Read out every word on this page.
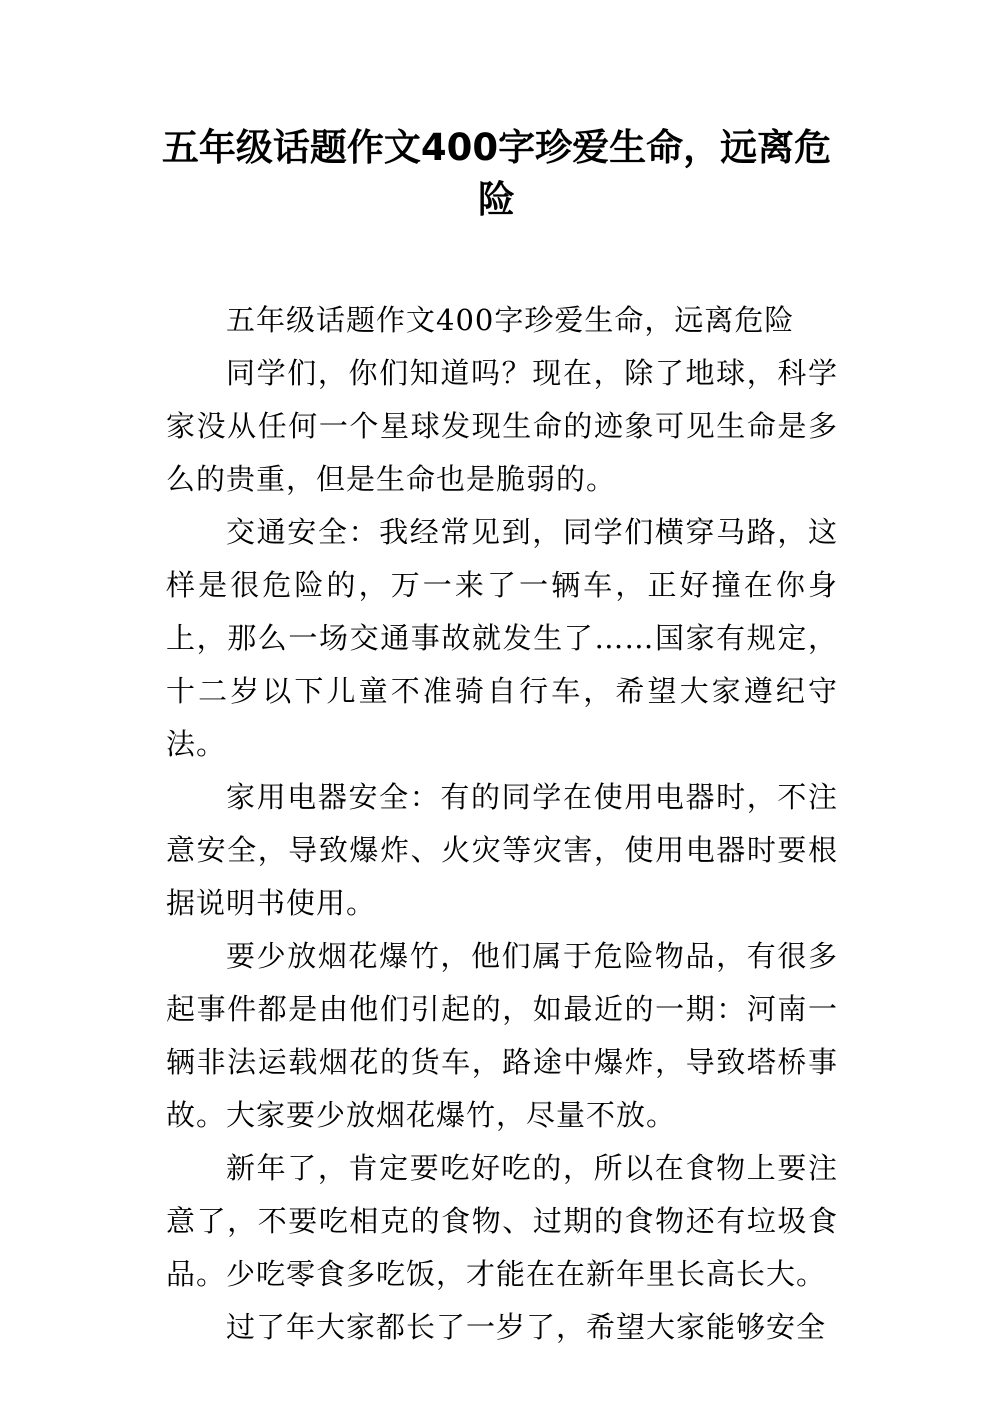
五年级话题作文400字珍爱生命，远离危险

五年级话题作文400字珍爱生命，远离危险

同学们，你们知道吗？现在，除了地球，科学家没从任何一个星球发现生命的迹象可见生命是多么的贵重，但是生命也是脆弱的。

交通安全：我经常见到，同学们横穿马路，这样是很危险的，万一来了一辆车，正好撞在你身上，那么一场交通事故就发生了……国家有规定，十二岁以下儿童不准骑自行车，希望大家遵纪守法。

家用电器安全：有的同学在使用电器时，不注意安全，导致爆炸、火灾等灾害，使用电器时要根据说明书使用。

要少放烟花爆竹，他们属于危险物品，有很多起事件都是由他们引起的，如最近的一期：河南一辆非法运载烟花的货车，路途中爆炸，导致塔桥事故。大家要少放烟花爆竹，尽量不放。

新年了，肯定要吃好吃的，所以在食物上要注意了，不要吃相克的食物、过期的食物还有垃圾食品。少吃零食多吃饭，才能在在新年里长高长大。

过了年大家都长了一岁了，希望大家能够安全
